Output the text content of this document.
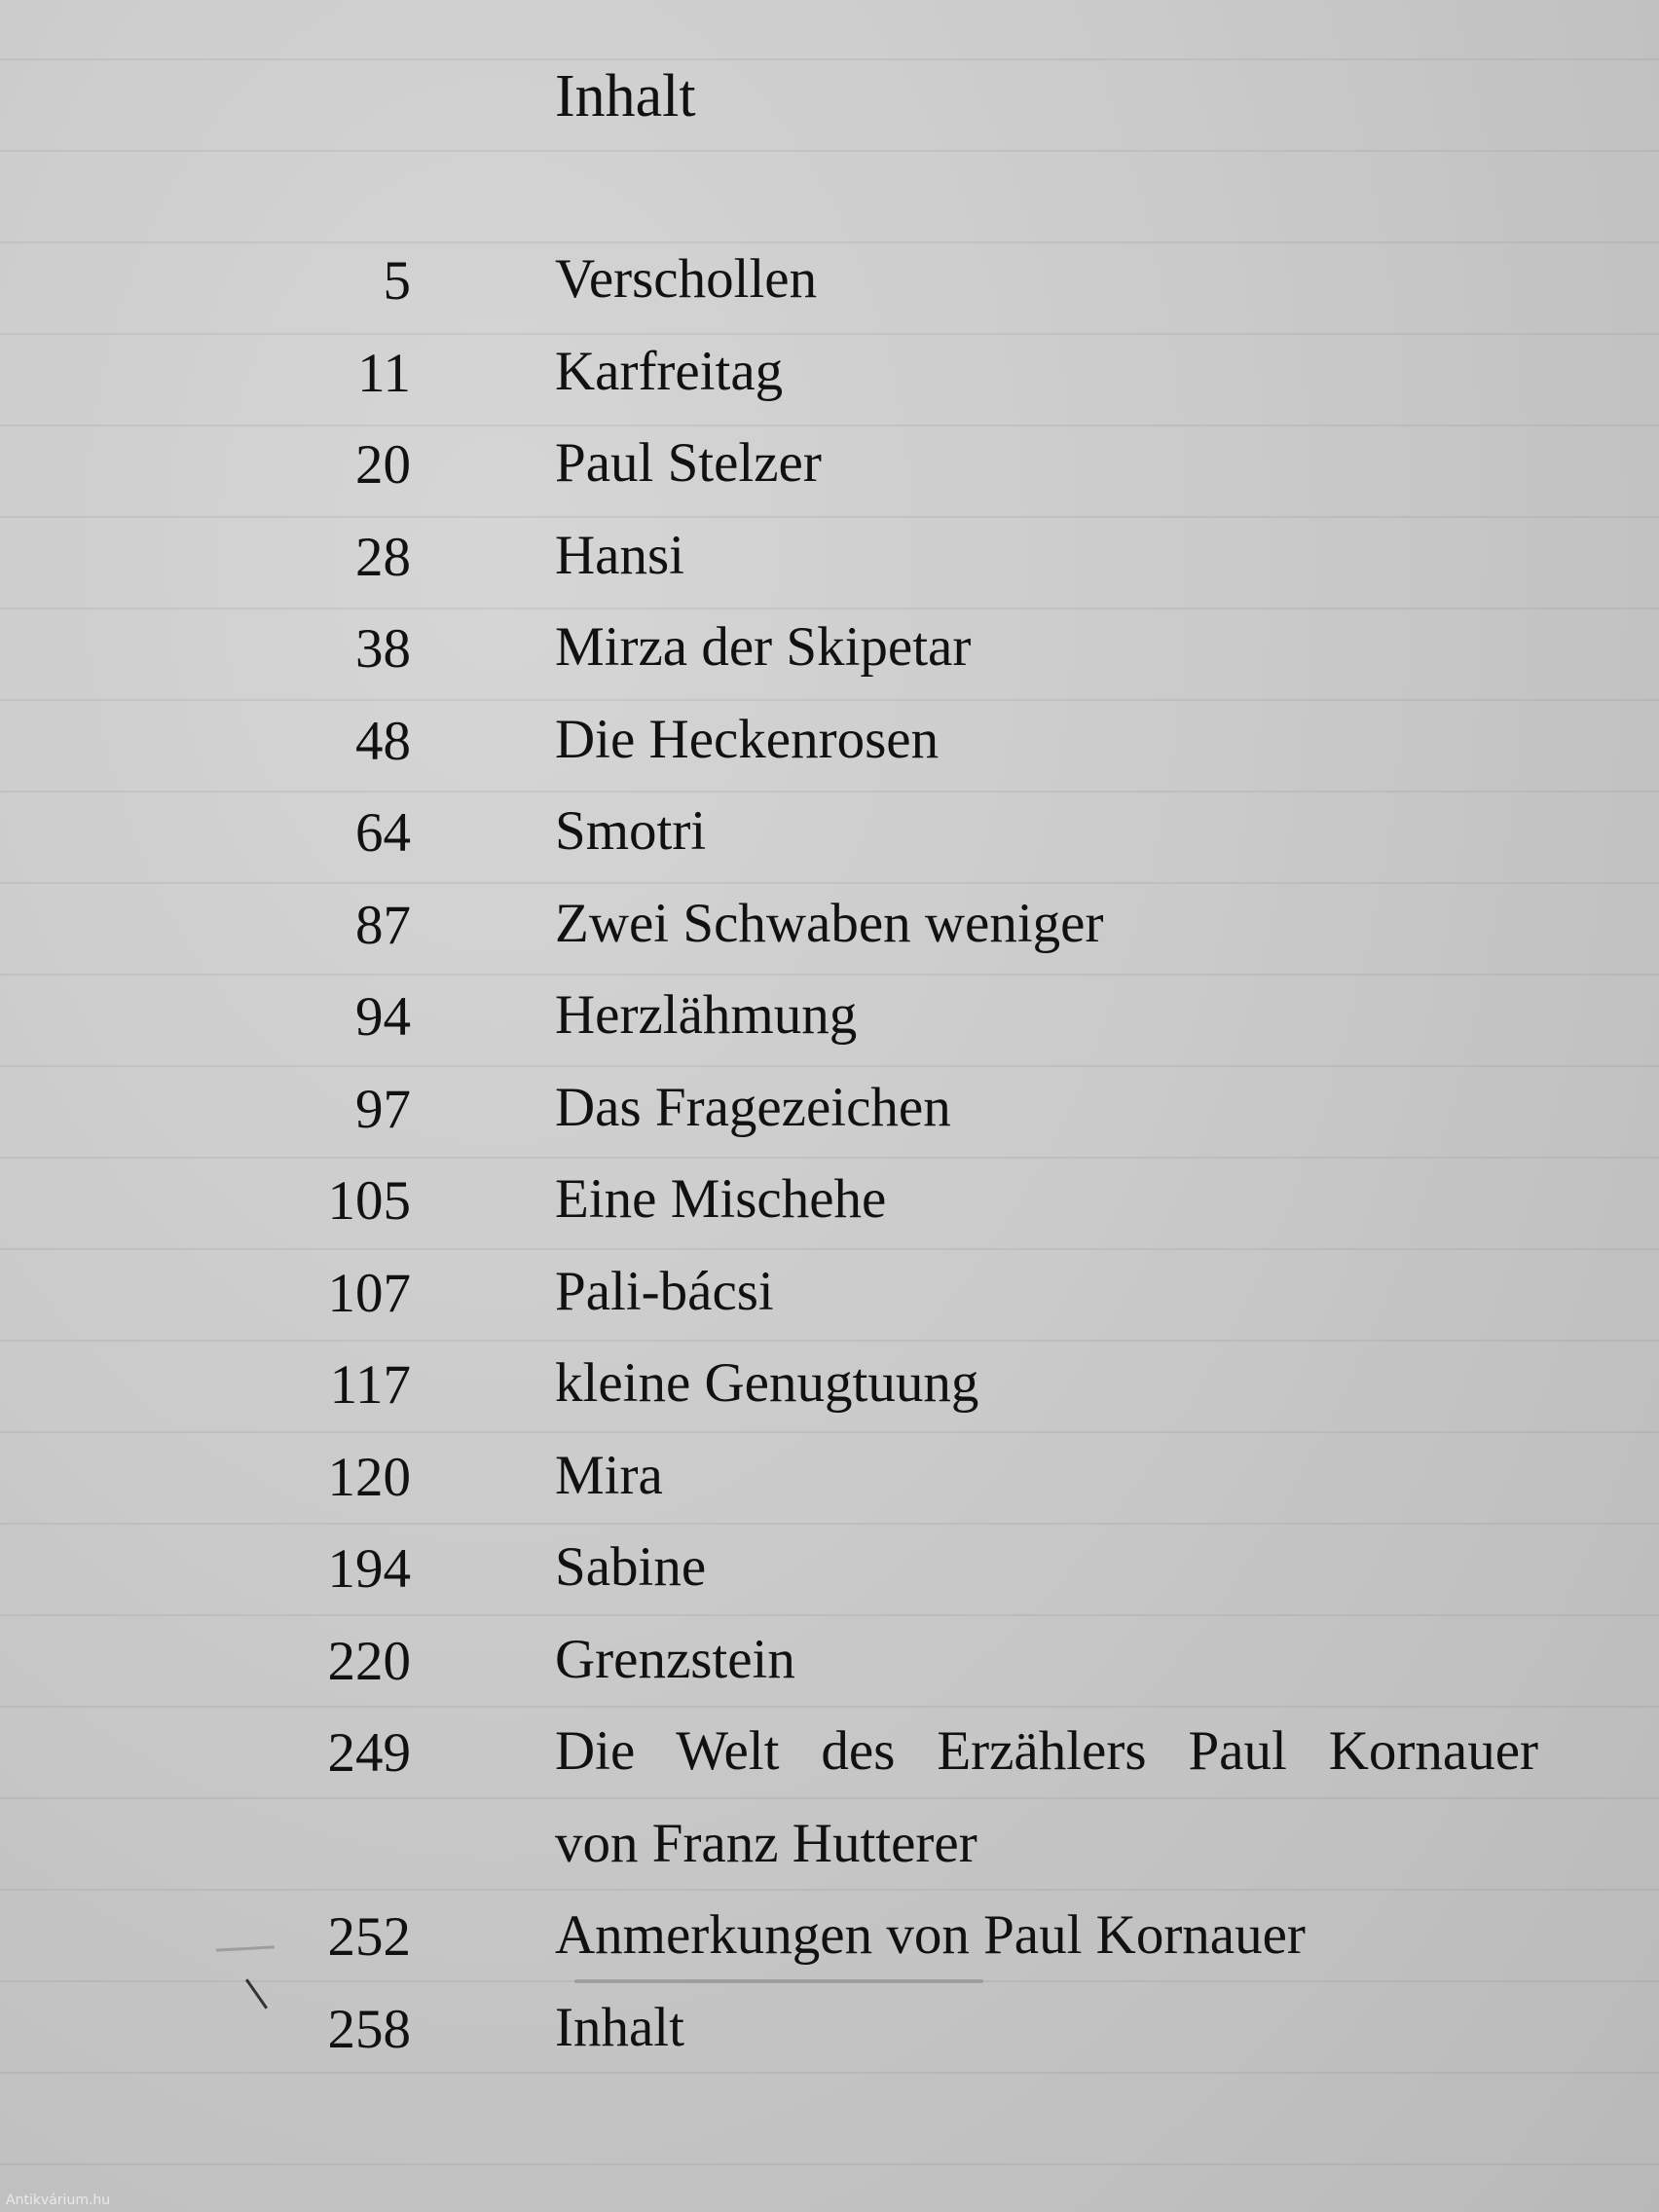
Inhalt
5	Verschollen
11	Karfreitag
20	Paul Stelzer
28	Hansi
38	Mirza der Skipetar
48	Die Heckenrosen
64	Smotri
87	Zwei Schwaben weniger
94	Herzlähmung
97	Das Fragezeichen
105	Eine Mischehe
107	Pali-bácsi
117	kleine Genugtuung
120	Mira
194	Sabine
220	Grenzstein
249	Die Welt des Erzählers Paul Kornauer
von Franz Hutterer
252	Anmerkungen von Paul Kornauer
258	Inhalt
Antikvárium.hu
